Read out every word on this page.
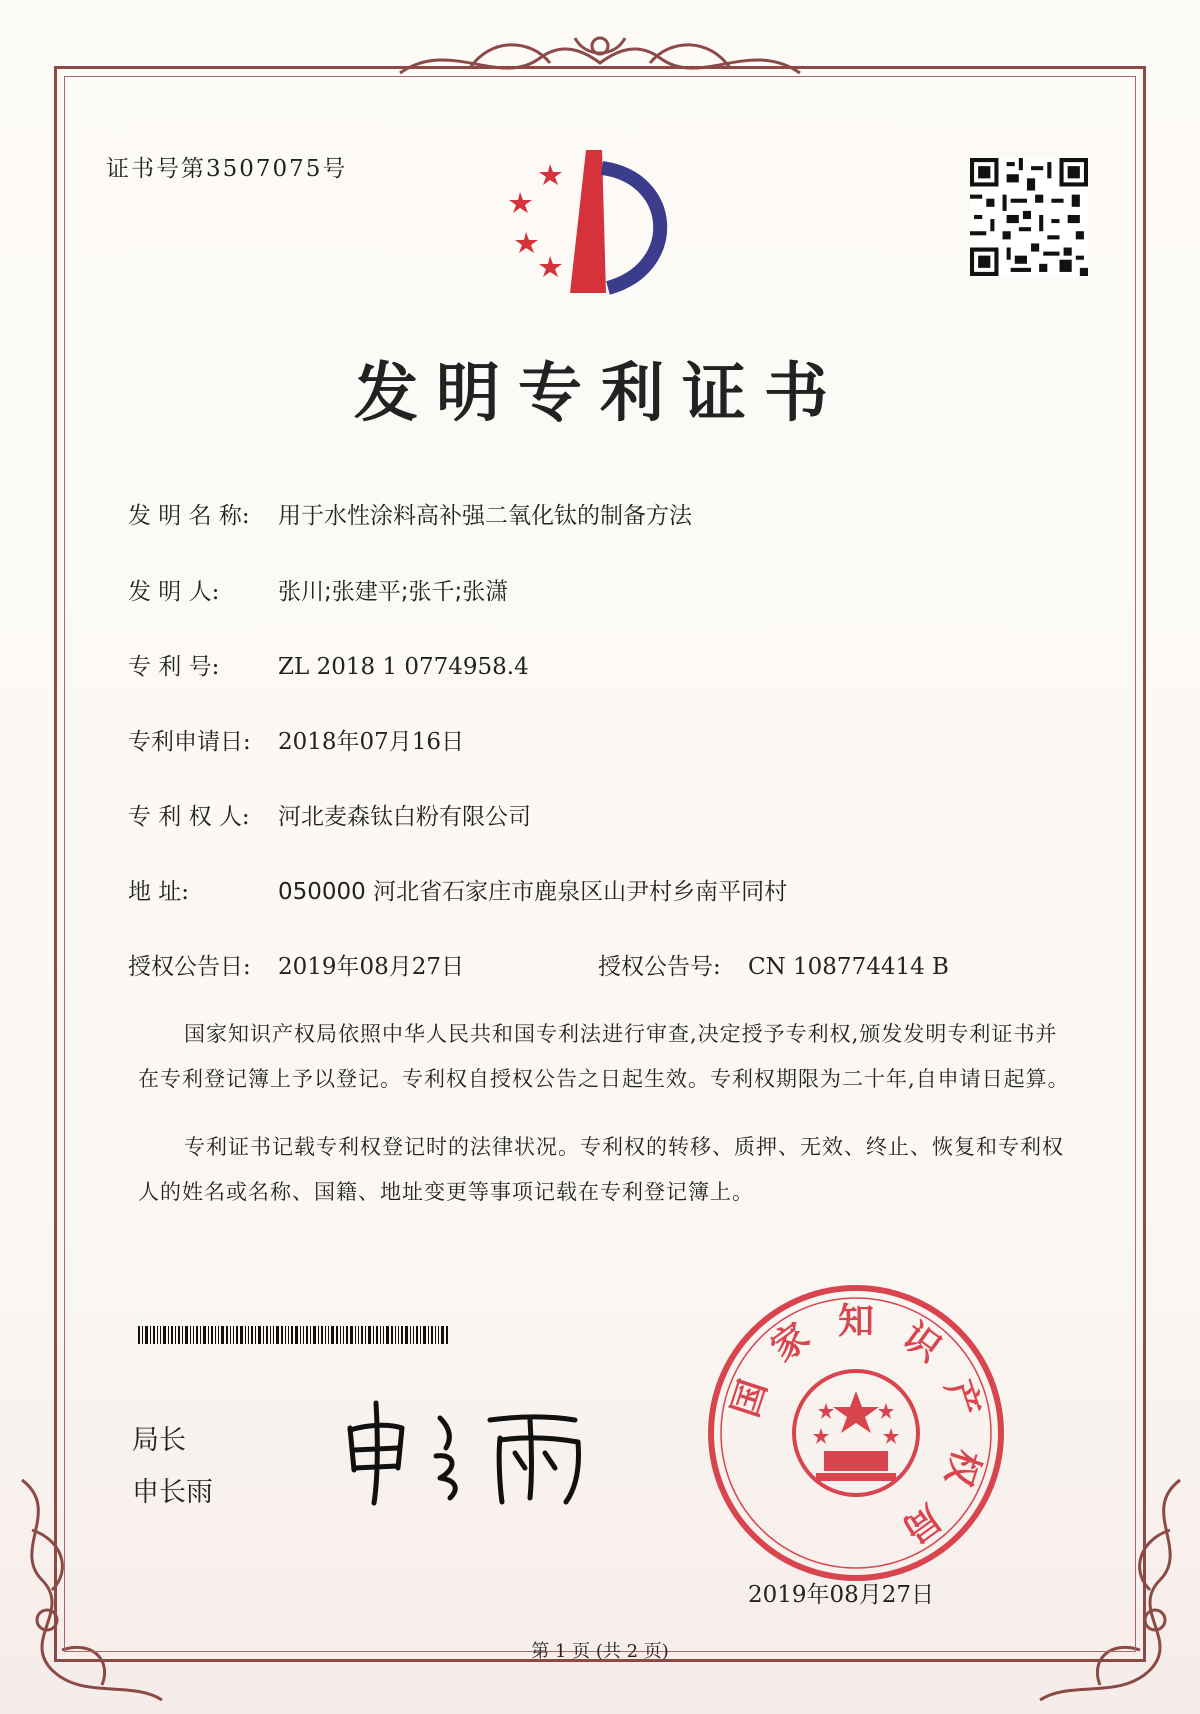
证书号第3507075号
发明专利证书
发 明 名 称: 用于水性涂料高补强二氧化钛的制备方法
发 明 人:	张川;张建平;张千;张潇
专 利 号:	ZL 2018 1 0774958.4
专利申请日: 2018年07月16日
专 利 权 人: 河北麦森钛白粉有限公司
地 址:	050000 河北省石家庄市鹿泉区山尹村乡南平同村
授权公告日: 2019年08月27日	授权公告号: CN 108774414 B
国家知识产权局依照中华人民共和国专利法进行审查,决定授予专利权,颁发发明专利证书并在专利登记簿上予以登记。专利权自授权公告之日起生效。专利权期限为二十年,自申请日起算。
专利证书记载专利权登记时的法律状况。专利权的转移、质押、无效、终止、恢复和专利权人的姓名或名称、国籍、地址变更等事项记载在专利登记簿上。
局长
申长雨
知
家
国
识
产
权
局
2019年08月27日
第 1 页 (共 2 页)
